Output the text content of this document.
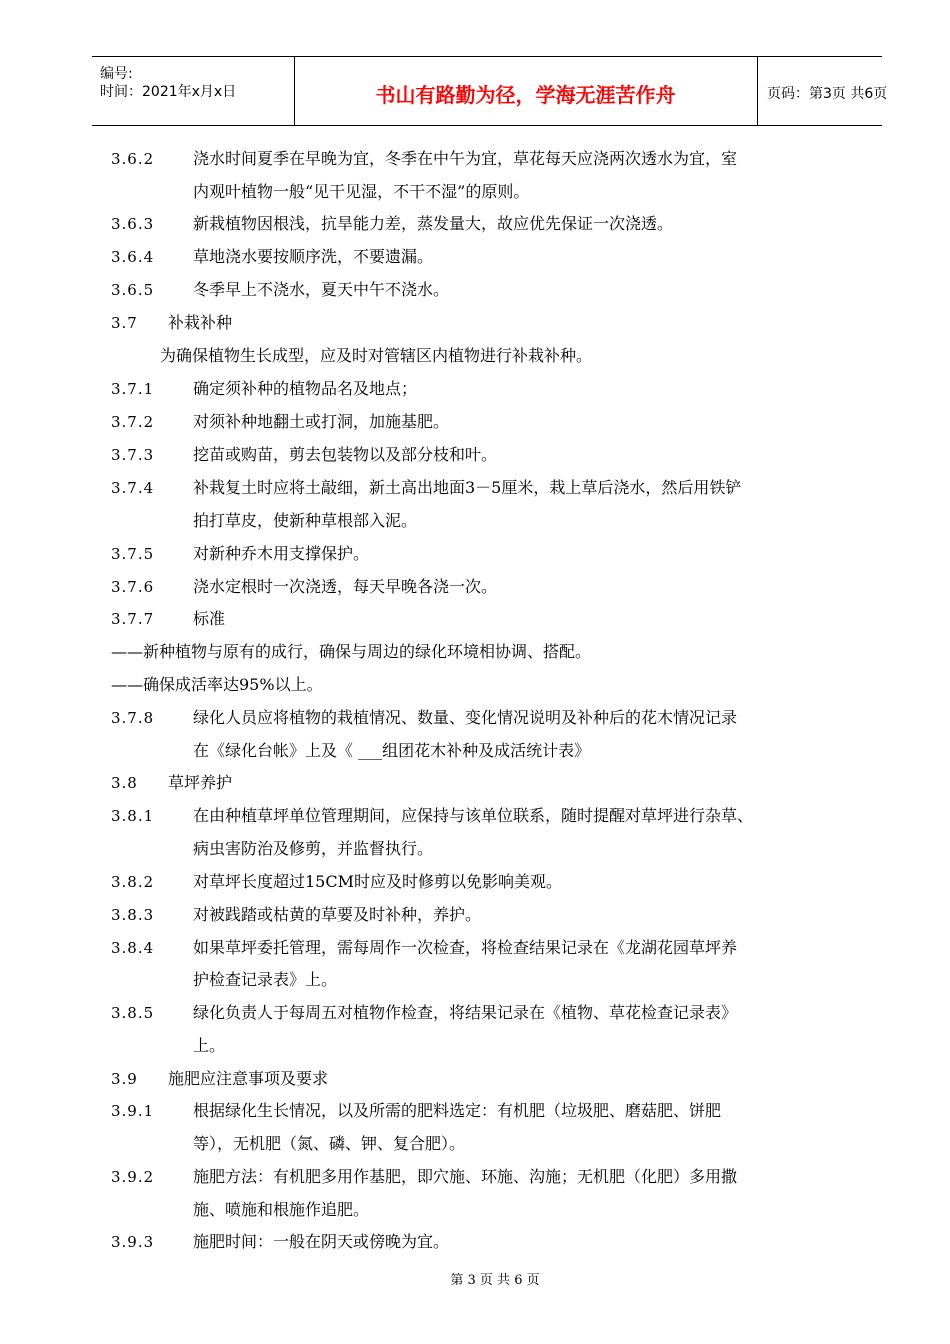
编号:
时间：2021年x月x日	书山有路勤为径，学海无涯苦作舟	页码：第3页 共6页
3.6.2 浇水时间夏季在早晚为宜，冬季在中午为宜，草花每天应浇两次透水为宜，室
内观叶植物一般“见干见湿，不干不湿”的原则。
3.6.3 新栽植物因根浅，抗旱能力差，蒸发量大，故应优先保证一次浇透。
3.6.4 草地浇水要按顺序洗，不要遗漏。
3.6.5 冬季早上不浇水，夏天中午不浇水。
3.7 补栽补种
为确保植物生长成型，应及时对管辖区内植物进行补栽补种。
3.7.1 确定须补种的植物品名及地点；
3.7.2 对须补种地翻土或打洞，加施基肥。
3.7.3 挖苗或购苗，剪去包装物以及部分枝和叶。
3.7.4 补栽复土时应将土敲细，新土高出地面3－5厘米，栽上草后浇水，然后用铁铲
拍打草皮，使新种草根部入泥。
3.7.5 对新种乔木用支撑保护。
3.7.6 浇水定根时一次浇透，每天早晚各浇一次。
3.7.7 标准
——新种植物与原有的成行，确保与周边的绿化环境相协调、搭配。
——确保成活率达95%以上。
3.7.8 绿化人员应将植物的栽植情况、数量、变化情况说明及补种后的花木情况记录
在《绿化台帐》上及《 ___组团花木补种及成活统计表》
3.8 草坪养护
3.8.1 在由种植草坪单位管理期间，应保持与该单位联系，随时提醒对草坪进行杂草、
病虫害防治及修剪，并监督执行。
3.8.2 对草坪长度超过15CM时应及时修剪以免影响美观。
3.8.3 对被践踏或枯黄的草要及时补种，养护。
3.8.4 如果草坪委托管理，需每周作一次检查，将检查结果记录在《龙湖花园草坪养
护检查记录表》上。
3.8.5 绿化负责人于每周五对植物作检查，将结果记录在《植物、草花检查记录表》
上。
3.9 施肥应注意事项及要求
3.9.1 根据绿化生长情况，以及所需的肥料选定：有机肥（垃圾肥、磨菇肥、饼肥
等），无机肥（氮、磷、钾、复合肥）。
3.9.2 施肥方法：有机肥多用作基肥，即穴施、环施、沟施；无机肥（化肥）多用撒
施、喷施和根施作追肥。
3.9.3 施肥时间：一般在阴天或傍晚为宜。
第 3 页 共 6 页
